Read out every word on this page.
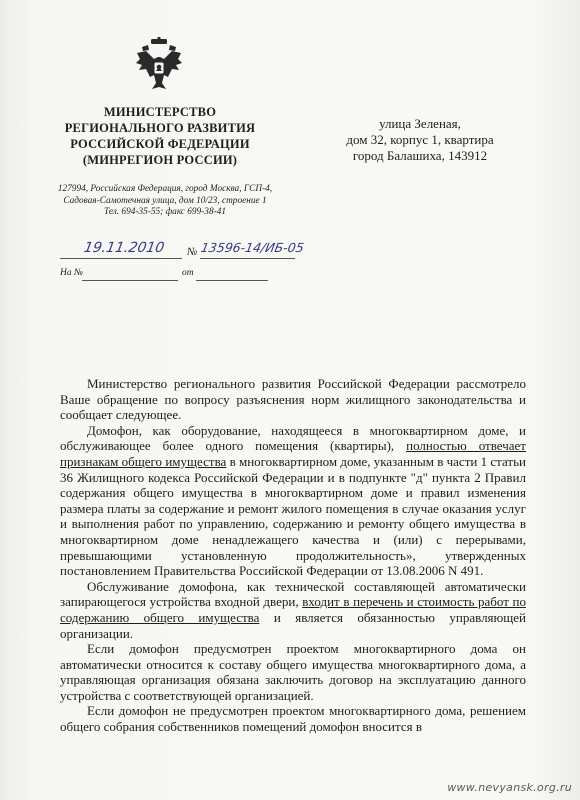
МИНИСТЕРСТВО
РЕГИОНАЛЬНОГО РАЗВИТИЯ
РОССИЙСКОЙ ФЕДЕРАЦИИ
(МИНРЕГИОН РОССИИ)
улица Зеленая,
дом 32, корпус 1, квартира
город Балашиха, 143912
127994, Российская Федерация, город Москва, ГСП-4,
Садовая-Самотечная улица, дом 10/23, строение 1
Тел. 694-35-55; факс 699-38-41
19.11.2010 № 13596-14/ИБ-05
На №	от

Министерство регионального развития Российской Федерации рассмотрело Ваше обращение по вопросу разъяснения норм жилищного законодательства и сообщает следующее.

Домофон, как оборудование, находящееся в многоквартирном доме, и обслуживающее более одного помещения (квартиры), полностью отвечает признакам общего имущества в многоквартирном доме, указанным в части 1 статьи 36 Жилищного кодекса Российской Федерации и в подпункте "д" пункта 2 Правил содержания общего имущества в многоквартирном доме и правил изменения размера платы за содержание и ремонт жилого помещения в случае оказания услуг и выполнения работ по управлению, содержанию и ремонту общего имущества в многоквартирном доме ненадлежащего качества и (или) с перерывами, превышающими установленную продолжительность», утвержденных постановлением Правительства Российской Федерации от 13.08.2006 N 491.

Обслуживание домофона, как технической составляющей автоматически запирающегося устройства входной двери, входит в перечень и стоимость работ по содержанию общего имущества и является обязанностью управляющей организации.

Если домофон предусмотрен проектом многоквартирного дома он автоматически относится к составу общего имущества многоквартирного дома, а управляющая организация обязана заключить договор на эксплуатацию данного устройства с соответствующей организацией.

Если домофон не предусмотрен проектом многоквартирного дома, решением общего собрания собственников помещений домофон вносится в

www.nevyansk.org.ru
